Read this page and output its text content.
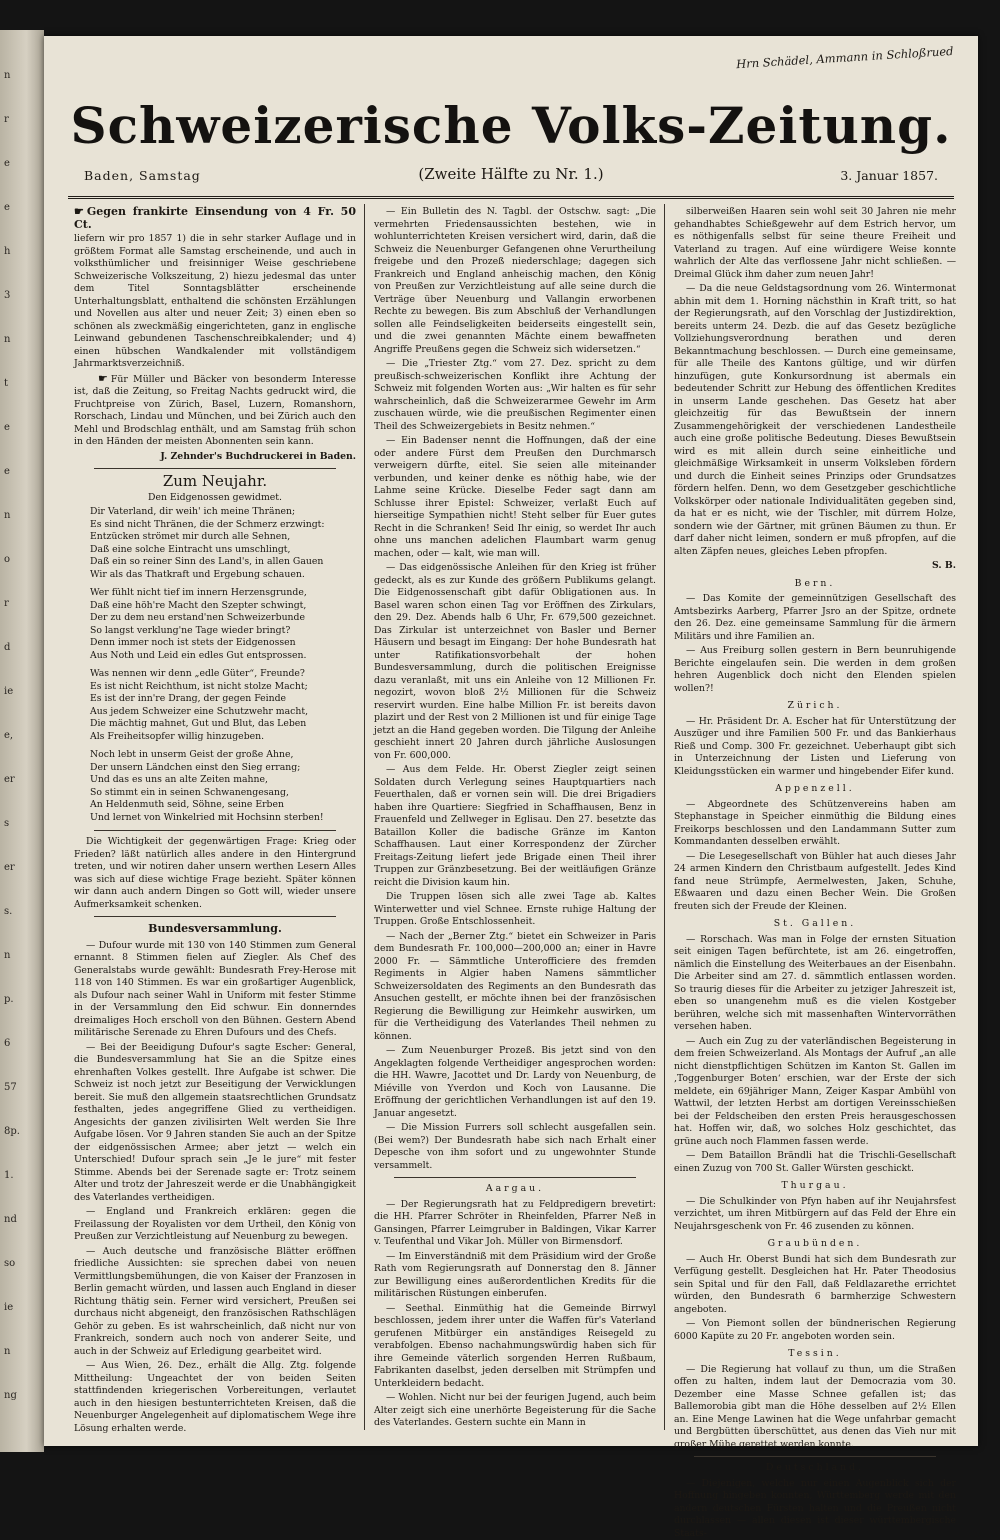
n
r
e
e
h
3
n
t
e
e
n
o
r
d
ie
e,
er
s
er
s.
n
p.
6
57
8p.
1.
nd
so
ie
n
ng
Hrn Schädel, Ammann in Schloßrued
Schweizerische Volks-Zeitung.
Baden, Samstag	(Zweite Hälfte zu Nr. 1.)	3. Januar 1857.

☛ Gegen frankirte Einsendung von 4 Fr. 50 Ct.

liefern wir pro 1857 1) die in sehr starker Auflage und in größtem Format alle Samstag erscheinende, und auch in volksthümlicher und freisinniger Weise geschriebene Schweizerische Volkszeitung, 2) hiezu jedesmal das unter dem Titel Sonntagsblätter erscheinende Unterhaltungsblatt, enthaltend die schönsten Erzählungen und Novellen aus alter und neuer Zeit; 3) einen eben so schönen als zweckmäßig eingerichteten, ganz in englische Leinwand gebundenen Taschenschreibkalender; und 4) einen hübschen Wandkalender mit vollständigem Jahrmarktsverzeichniß.

☛ Für Müller und Bäcker von besonderm Interesse ist, daß die Zeitung, so Freitag Nachts gedruckt wird, die Fruchtpreise von Zürich, Basel, Luzern, Romanshorn, Rorschach, Lindau und München, und bei Zürich auch den Mehl und Brodschlag enthält, und am Samstag früh schon in den Händen der meisten Abonnenten sein kann.

J. Zehnder's Buchdruckerei in Baden.

Zum Neujahr.

Den Eidgenossen gewidmet.

Dir Vaterland, dir weih' ich meine Thränen;
Es sind nicht Thränen, die der Schmerz erzwingt:
Entzücken strömet mir durch alle Sehnen,
Daß eine solche Eintracht uns umschlingt,
Daß ein so reiner Sinn des Land's, in allen Gauen
Wir als das Thatkraft und Ergebung schauen.

Wer fühlt nicht tief im innern Herzensgrunde,
Daß eine höh're Macht den Szepter schwingt,
Der zu dem neu erstand'nen Schweizerbunde
So langst verklung'ne Tage wieder bringt?
Denn immer noch ist stets der Eidgenossen
Aus Noth und Leid ein edles Gut entsprossen.

Was nennen wir denn „edle Güter“, Freunde?
Es ist nicht Reichthum, ist nicht stolze Macht;
Es ist der inn're Drang, der gegen Feinde
Aus jedem Schweizer eine Schutzwehr macht,
Die mächtig mahnet, Gut und Blut, das Leben
Als Freiheitsopfer willig hinzugeben.

Noch lebt in unserm Geist der große Ahne,
Der unsern Ländchen einst den Sieg errang;
Und das es uns an alte Zeiten mahne,
So stimmt ein in seinen Schwanengesang,
An Heldenmuth seid, Söhne, seine Erben
Und lernet von Winkelried mit Hochsinn sterben!

Die Wichtigkeit der gegenwärtigen Frage: Krieg oder Frieden? läßt natürlich alles andere in den Hintergrund treten, und wir notiren daher unsern werthen Lesern Alles was sich auf diese wichtige Frage bezieht. Später können wir dann auch andern Dingen so Gott will, wieder unsere Aufmerksamkeit schenken.

Bundesversammlung.

— Dufour wurde mit 130 von 140 Stimmen zum General ernannt. 8 Stimmen fielen auf Ziegler. Als Chef des Generalstabs wurde gewählt: Bundesrath Frey-Herose mit 118 von 140 Stimmen. Es war ein großartiger Augenblick, als Dufour nach seiner Wahl in Uniform mit fester Stimme in der Versammlung den Eid schwur. Ein donnerndes dreimaliges Hoch erscholl von den Bühnen. Gestern Abend militärische Serenade zu Ehren Dufours und des Chefs.

— Bei der Beeidigung Dufour's sagte Escher: General, die Bundesversammlung hat Sie an die Spitze eines ehrenhaften Volkes gestellt. Ihre Aufgabe ist schwer. Die Schweiz ist noch jetzt zur Beseitigung der Verwicklungen bereit. Sie muß den allgemein staatsrechtlichen Grundsatz festhalten, jedes angegriffene Glied zu vertheidigen. Angesichts der ganzen zivilisirten Welt werden Sie Ihre Aufgabe lösen. Vor 9 Jahren standen Sie auch an der Spitze der eidgenössischen Armee; aber jetzt — welch ein Unterschied! Dufour sprach sein „Je le jure“ mit fester Stimme. Abends bei der Serenade sagte er: Trotz seinem Alter und trotz der Jahreszeit werde er die Unabhängigkeit des Vaterlandes vertheidigen.

— England und Frankreich erklären: gegen die Freilassung der Royalisten vor dem Urtheil, den König von Preußen zur Verzichtleistung auf Neuenburg zu bewegen.

— Auch deutsche und französische Blätter eröffnen friedliche Aussichten: sie sprechen dabei von neuen Vermittlungsbemühungen, die von Kaiser der Franzosen in Berlin gemacht würden, und lassen auch England in dieser Richtung thätig sein. Ferner wird versichert, Preußen sei durchaus nicht abgeneigt, den französischen Rathschlägen Gehör zu geben. Es ist wahrscheinlich, daß nicht nur von Frankreich, sondern auch noch von anderer Seite, und auch in der Schweiz auf Erledigung gearbeitet wird.

— Aus Wien, 26. Dez., erhält die Allg. Ztg. folgende Mittheilung: Ungeachtet der von beiden Seiten stattfindenden kriegerischen Vorbereitungen, verlautet auch in den hiesigen bestunterrichteten Kreisen, daß die Neuenburger Angelegenheit auf diplomatischem Wege ihre Lösung erhalten werde.

— Ein Bulletin des N. Tagbl. der Ostschw. sagt: „Die vermehrten Friedensaussichten bestehen, wie in wohlunterrichteten Kreisen versichert wird, darin, daß die Schweiz die Neuenburger Gefangenen ohne Verurtheilung freigebe und den Prozeß niederschlage; dagegen sich Frankreich und England anheischig machen, den König von Preußen zur Verzichtleistung auf alle seine durch die Verträge über Neuenburg und Vallangin erworbenen Rechte zu bewegen. Bis zum Abschluß der Verhandlungen sollen alle Feindseligkeiten beiderseits eingestellt sein, und die zwei genannten Mächte einem bewaffneten Angriffe Preußens gegen die Schweiz sich widersetzen.“

— Die „Triester Ztg.“ vom 27. Dez. spricht zu dem preußisch-schweizerischen Konflikt ihre Achtung der Schweiz mit folgenden Worten aus: „Wir halten es für sehr wahrscheinlich, daß die Schweizerarmee Gewehr im Arm zuschauen würde, wie die preußischen Regimenter einen Theil des Schweizergebiets in Besitz nehmen.“

— Ein Badenser nennt die Hoffnungen, daß der eine oder andere Fürst dem Preußen den Durchmarsch verweigern dürfte, eitel. Sie seien alle miteinander verbunden, und keiner denke es nöthig habe, wie der Lahme seine Krücke. Dieselbe Feder sagt dann am Schlusse ihrer Epistel: Schweizer, verlaßt Euch auf hierseitige Sympathien nicht! Steht selber für Euer gutes Recht in die Schranken! Seid Ihr einig, so werdet Ihr auch ohne uns manchen adelichen Flaumbart warm genug machen, oder — kalt, wie man will.

— Das eidgenössische Anleihen für den Krieg ist früher gedeckt, als es zur Kunde des größern Publikums gelangt. Die Eidgenossenschaft gibt dafür Obligationen aus. In Basel waren schon einen Tag vor Eröffnen des Zirkulars, den 29. Dez. Abends halb 6 Uhr, Fr. 679,500 gezeichnet. Das Zirkular ist unterzeichnet von Basler und Berner Häusern und besagt im Eingang: Der hohe Bundesrath hat unter Ratifikationsvorbehalt der hohen Bundesversammlung, durch die politischen Ereignisse dazu veranlaßt, mit uns ein Anleihe von 12 Millionen Fr. negozirt, wovon bloß 2½ Millionen für die Schweiz reservirt wurden. Eine halbe Million Fr. ist bereits davon plazirt und der Rest von 2 Millionen ist und für einige Tage jetzt an die Hand gegeben worden. Die Tilgung der Anleihe geschieht innert 20 Jahren durch jährliche Auslosungen von Fr. 600,000.

— Aus dem Felde. Hr. Oberst Ziegler zeigt seinen Soldaten durch Verlegung seines Hauptquartiers nach Feuerthalen, daß er vornen sein will. Die drei Brigadiers haben ihre Quartiere: Siegfried in Schaffhausen, Benz in Frauenfeld und Zellweger in Eglisau. Den 27. besetzte das Bataillon Koller die badische Gränze im Kanton Schaffhausen. Laut einer Korrespondenz der Zürcher Freitags-Zeitung liefert jede Brigade einen Theil ihrer Truppen zur Gränzbesetzung. Bei der weitläufigen Gränze reicht die Division kaum hin.

Die Truppen lösen sich alle zwei Tage ab. Kaltes Winterwetter und viel Schnee. Ernste ruhige Haltung der Truppen. Große Entschlossenheit.

— Nach der „Berner Ztg.“ bietet ein Schweizer in Paris dem Bundesrath Fr. 100,000—200,000 an; einer in Havre 2000 Fr. — Sämmtliche Unterofficiere des fremden Regiments in Algier haben Namens sämmtlicher Schweizersoldaten des Regiments an den Bundesrath das Ansuchen gestellt, er möchte ihnen bei der französischen Regierung die Bewilligung zur Heimkehr auswirken, um für die Vertheidigung des Vaterlandes Theil nehmen zu können.

— Zum Neuenburger Prozeß. Bis jetzt sind von den Angeklagten folgende Vertheidiger angesprochen worden: die HH. Wawre, Jacottet und Dr. Lardy von Neuenburg, de Miéville von Yverdon und Koch von Lausanne. Die Eröffnung der gerichtlichen Verhandlungen ist auf den 19. Januar angesetzt.

— Die Mission Furrers soll schlecht ausgefallen sein. (Bei wem?) Der Bundesrath habe sich nach Erhalt einer Depesche von ihm sofort und zu ungewohnter Stunde versammelt.

Aargau.

— Der Regierungsrath hat zu Feldpredigern brevetirt: die HH. Pfarrer Schröter in Rheinfelden, Pfarrer Neß in Gansingen, Pfarrer Leimgruber in Baldingen, Vikar Karrer v. Teufenthal und Vikar Joh. Müller von Birmensdorf.

— Im Einverständniß mit dem Präsidium wird der Große Rath vom Regierungsrath auf Donnerstag den 8. Jänner zur Bewilligung eines außerordentlichen Kredits für die militärischen Rüstungen einberufen.

— Seethal. Einmüthig hat die Gemeinde Birrwyl beschlossen, jedem ihrer unter die Waffen für's Vaterland gerufenen Mitbürger ein anständiges Reisegeld zu verabfolgen. Ebenso nachahmungswürdig haben sich für ihre Gemeinde väterlich sorgenden Herren Rußbaum, Fabrikanten daselbst, jeden derselben mit Strümpfen und Unterkleidern bedacht.

— Wohlen. Nicht nur bei der feurigen Jugend, auch beim Alter zeigt sich eine unerhörte Begeisterung für die Sache des Vaterlandes. Gestern suchte ein Mann in

silberweißen Haaren sein wohl seit 30 Jahren nie mehr gehandhabtes Schießgewehr auf dem Estrich hervor, um es nöthigenfalls selbst für seine theure Freiheit und Vaterland zu tragen. Auf eine würdigere Weise konnte wahrlich der Alte das verflossene Jahr nicht schließen. — Dreimal Glück ihm daher zum neuen Jahr!

— Da die neue Geldstagsordnung vom 26. Wintermonat abhin mit dem 1. Horning nächsthin in Kraft tritt, so hat der Regierungsrath, auf den Vorschlag der Justizdirektion, bereits unterm 24. Dezb. die auf das Gesetz bezügliche Vollziehungsverordnung berathen und deren Bekanntmachung beschlossen. — Durch eine gemeinsame, für alle Theile des Kantons gültige, und wir dürfen hinzufügen, gute Konkursordnung ist abermals ein bedeutender Schritt zur Hebung des öffentlichen Kredites in unserm Lande geschehen. Das Gesetz hat aber gleichzeitig für das Bewußtsein der innern Zusammengehörigkeit der verschiedenen Landestheile auch eine große politische Bedeutung. Dieses Bewußtsein wird es mit allein durch seine einheitliche und gleichmäßige Wirksamkeit in unserm Volksleben fördern und durch die Einheit seines Prinzips oder Grundsatzes fördern helfen. Denn, wo dem Gesetzgeber geschichtliche Volkskörper oder nationale Individualitäten gegeben sind, da hat er es nicht, wie der Tischler, mit dürrem Holze, sondern wie der Gärtner, mit grünen Bäumen zu thun. Er darf daher nicht leimen, sondern er muß pfropfen, auf die alten Zäpfen neues, gleiches Leben pfropfen.

S. B.

Bern.

— Das Komite der gemeinnützigen Gesellschaft des Amtsbezirks Aarberg, Pfarrer Jsro an der Spitze, ordnete den 26. Dez. eine gemeinsame Sammlung für die ärmern Militärs und ihre Familien an.

— Aus Freiburg sollen gestern in Bern beunruhigende Berichte eingelaufen sein. Die werden in dem großen hehren Augenblick doch nicht den Elenden spielen wollen?!

Zürich.

— Hr. Präsident Dr. A. Escher hat für Unterstützung der Auszüger und ihre Familien 500 Fr. und das Bankierhaus Rieß und Comp. 300 Fr. gezeichnet. Ueberhaupt gibt sich in Unterzeichnung der Listen und Lieferung von Kleidungsstücken ein warmer und hingebender Eifer kund.

Appenzell.

— Abgeordnete des Schützenvereins haben am Stephanstage in Speicher einmüthig die Bildung eines Freikorps beschlossen und den Landammann Sutter zum Kommandanten desselben erwählt.

— Die Lesegesellschaft von Bühler hat auch dieses Jahr 24 armen Kindern den Christbaum aufgestellt. Jedes Kind fand neue Strümpfe, Aermelwesten, Jaken, Schuhe, Eßwaaren und dazu einen Becher Wein. Die Großen freuten sich der Freude der Kleinen.

St. Gallen.

— Rorschach. Was man in Folge der ernsten Situation seit einigen Tagen befürchtete, ist am 26. eingetroffen, nämlich die Einstellung des Weiterbaues an der Eisenbahn. Die Arbeiter sind am 27. d. sämmtlich entlassen worden. So traurig dieses für die Arbeiter zu jetziger Jahreszeit ist, eben so unangenehm muß es die vielen Kostgeber berühren, welche sich mit massenhaften Wintervorräthen versehen haben.

— Auch ein Zug zu der vaterländischen Begeisterung in dem freien Schweizerland. Als Montags der Aufruf „an alle nicht dienstpflichtigen Schützen im Kanton St. Gallen im ‚Toggenburger Boten‘ erschien, war der Erste der sich meldete, ein 69jähriger Mann, Zeiger Kaspar Ambühl von Wattwil, der letzten Herbst am dortigen Vereinsschießen bei der Feldscheiben den ersten Preis herausgeschossen hat. Hoffen wir, daß, wo solches Holz geschichtet, das grüne auch noch Flammen fassen werde.

— Dem Bataillon Brändli hat die Trischli-Gesellschaft einen Zuzug von 700 St. Galler Würsten geschickt.

Thurgau.

— Die Schulkinder von Pfyn haben auf ihr Neujahrsfest verzichtet, um ihren Mitbürgern auf das Feld der Ehre ein Neujahrsgeschenk von Fr. 46 zusenden zu können.

Graubünden.

— Auch Hr. Oberst Bundi hat sich dem Bundesrath zur Verfügung gestellt. Desgleichen hat Hr. Pater Theodosius sein Spital und für den Fall, daß Feldlazarethe errichtet würden, den Bundesrath 6 barmherzige Schwestern angeboten.

— Von Piemont sollen der bündnerischen Regierung 6000 Kapüte zu 20 Fr. angeboten worden sein.

Tessin.

— Die Regierung hat vollauf zu thun, um die Straßen offen zu halten, indem laut der Democrazia vom 30. Dezember eine Masse Schnee gefallen ist; das Ballemorobia gibt man die Höhe desselben auf 2½ Ellen an. Eine Menge Lawinen hat die Wege unfahrbar gemacht und Bergbütten überschüttet, aus denen das Vieh nur mit großer Mühe gerettet werden konnte.

Deutschland.

— Diejenigen, welche nur einen Augenblick sich der Hoffnung hingeben konnten, Württemberg werde mit den andern deutschen Fürsten halten und die Preußen nicht durchlassen — allen diesen ist dieser württembergische Staats-
